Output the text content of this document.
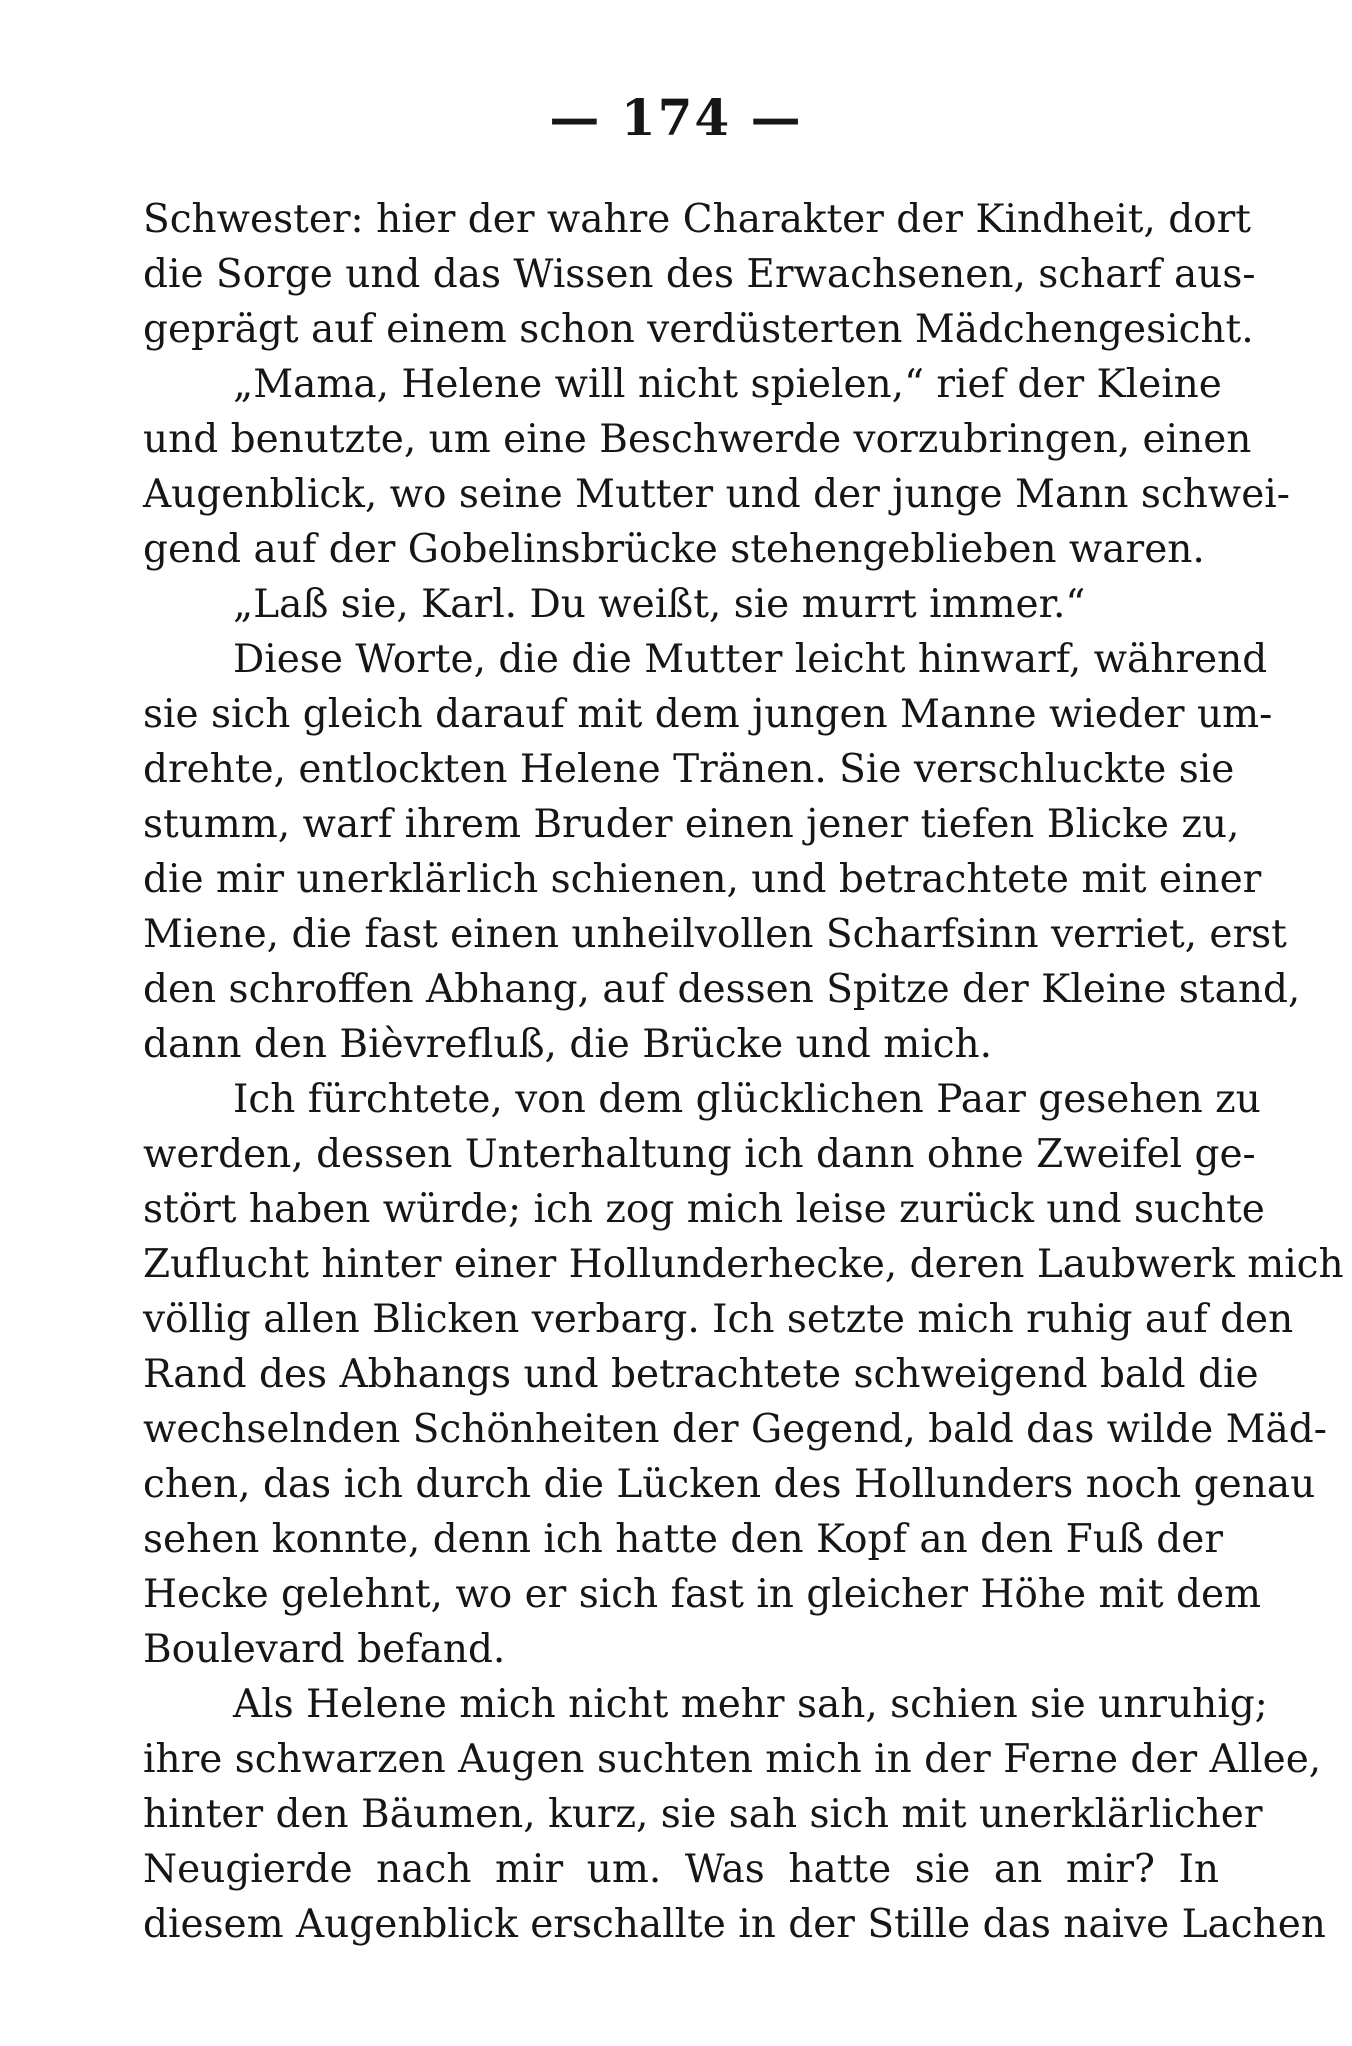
— 174 —
Schwester: hier der wahre Charakter der Kindheit, dort
die Sorge und das Wissen des Erwachsenen, scharf aus-
geprägt auf einem schon verdüsterten Mädchengesicht.
„Mama, Helene will nicht spielen,“ rief der Kleine
und benutzte, um eine Beschwerde vorzubringen, einen
Augenblick, wo seine Mutter und der junge Mann schwei-
gend auf der Gobelinsbrücke stehengeblieben waren.
„Laß sie, Karl. Du weißt, sie murrt immer.“
Diese Worte, die die Mutter leicht hinwarf, während
sie sich gleich darauf mit dem jungen Manne wieder um-
drehte, entlockten Helene Tränen. Sie verschluckte sie
stumm, warf ihrem Bruder einen jener tiefen Blicke zu,
die mir unerklärlich schienen, und betrachtete mit einer
Miene, die fast einen unheilvollen Scharfsinn verriet, erst
den schroffen Abhang, auf dessen Spitze der Kleine stand,
dann den Bièvrefluß, die Brücke und mich.
Ich fürchtete, von dem glücklichen Paar gesehen zu
werden, dessen Unterhaltung ich dann ohne Zweifel ge-
stört haben würde; ich zog mich leise zurück und suchte
Zuflucht hinter einer Hollunderhecke, deren Laubwerk mich
völlig allen Blicken verbarg. Ich setzte mich ruhig auf den
Rand des Abhangs und betrachtete schweigend bald die
wechselnden Schönheiten der Gegend, bald das wilde Mäd-
chen, das ich durch die Lücken des Hollunders noch genau
sehen konnte, denn ich hatte den Kopf an den Fuß der
Hecke gelehnt, wo er sich fast in gleicher Höhe mit dem
Boulevard befand.
Als Helene mich nicht mehr sah, schien sie unruhig;
ihre schwarzen Augen suchten mich in der Ferne der Allee,
hinter den Bäumen, kurz, sie sah sich mit unerklärlicher
Neugierde nach mir um. Was hatte sie an mir? In
diesem Augenblick erschallte in der Stille das naive Lachen
